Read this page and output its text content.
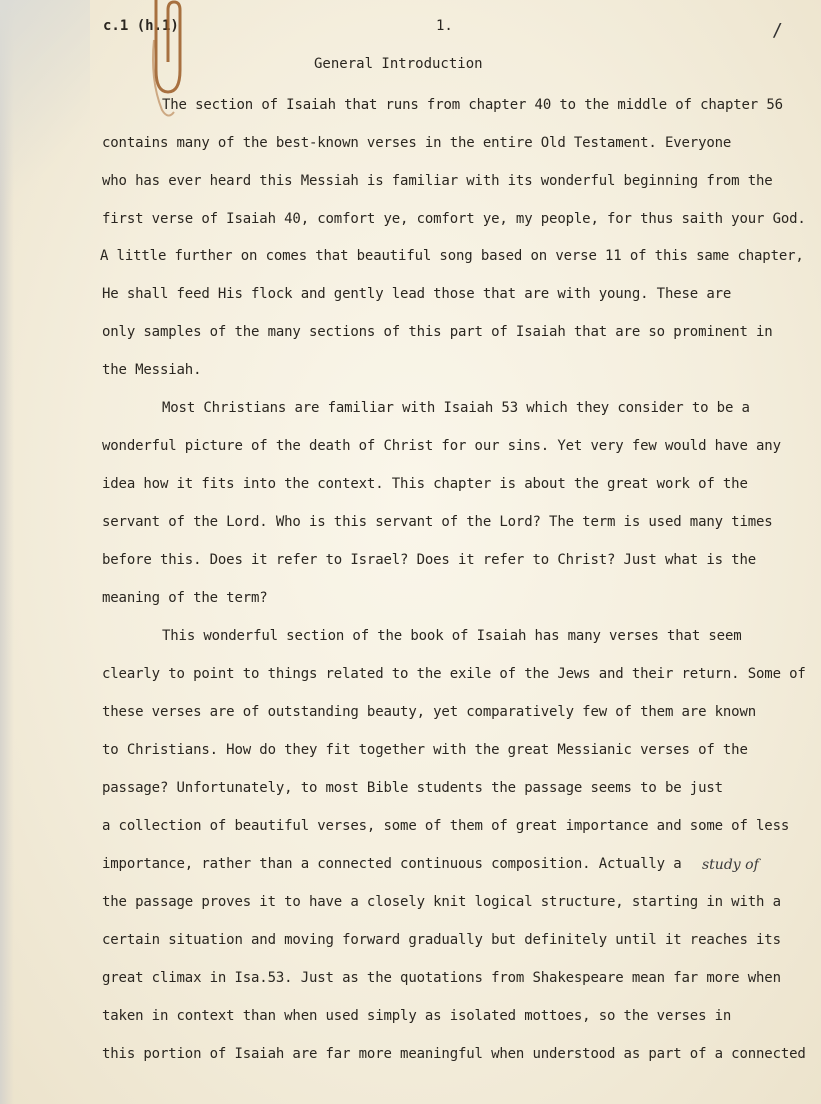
c.1 (h.1)	1.	/
General Introduction
The section of Isaiah that runs from chapter 40 to the middle of chapter 56
contains many of the best-known verses in the entire Old Testament. Everyone
who has ever heard this Messiah is familiar with its wonderful beginning from the
first verse of Isaiah 40, comfort ye, comfort ye, my people, for thus saith your God.
A little further on comes that beautiful song based on verse 11 of this same chapter,
He shall feed His flock and gently lead those that are with young. These are
only samples of the many sections of this part of Isaiah that are so prominent in
the Messiah.
Most Christians are familiar with Isaiah 53 which they consider to be a
wonderful picture of the death of Christ for our sins. Yet very few would have any
idea how it fits into the context. This chapter is about the great work of the
servant of the Lord. Who is this servant of the Lord? The term is used many times
before this. Does it refer to Israel? Does it refer to Christ? Just what is the
meaning of the term?
This wonderful section of the book of Isaiah has many verses that seem
clearly to point to things related to the exile of the Jews and their return. Some of
these verses are of outstanding beauty, yet comparatively few of them are known
to Christians. How do they fit together with the great Messianic verses of the
passage? Unfortunately, to most Bible students the passage seems to be just
a collection of beautiful verses, some of them of great importance and some of less
importance, rather than a connected continuous composition. Actually a
the passage proves it to have a closely knit logical structure, starting in with a
certain situation and moving forward gradually but definitely until it reaches its
great climax in Isa.53. Just as the quotations from Shakespeare mean far more when
taken in context than when used simply as isolated mottoes, so the verses in
this portion of Isaiah are far more meaningful when understood as part of a connected
study of
